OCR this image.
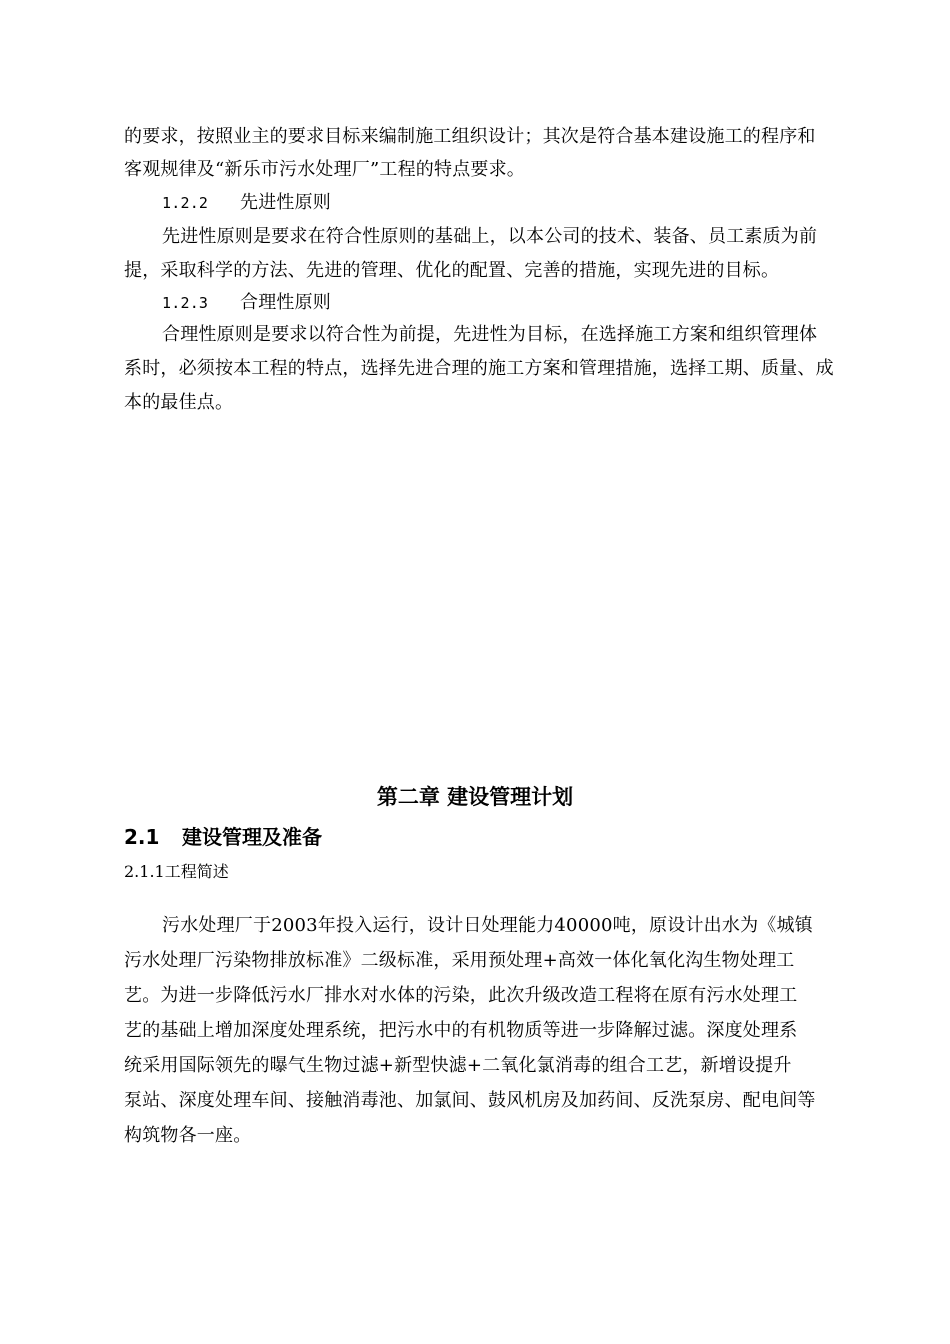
的要求，按照业主的要求目标来编制施工组织设计；其次是符合基本建设施工的程序和
客观规律及“新乐市污水处理厂”工程的特点要求。
1.2.2 先进性原则
先进性原则是要求在符合性原则的基础上，以本公司的技术、装备、员工素质为前
提，采取科学的方法、先进的管理、优化的配置、完善的措施，实现先进的目标。
1.2.3 合理性原则
合理性原则是要求以符合性为前提，先进性为目标，在选择施工方案和组织管理体
系时，必须按本工程的特点，选择先进合理的施工方案和管理措施，选择工期、质量、成
本的最佳点。
第二章 建设管理计划
2.1 建设管理及准备
2.1.1工程简述
污水处理厂于2003年投入运行，设计日处理能力40000吨，原设计出水为《城镇
污水处理厂污染物排放标准》二级标准，采用预处理+高效一体化氧化沟生物处理工
艺。为进一步降低污水厂排水对水体的污染，此次升级改造工程将在原有污水处理工
艺的基础上增加深度处理系统，把污水中的有机物质等进一步降解过滤。深度处理系
统采用国际领先的曝气生物过滤+新型快滤+二氧化氯消毒的组合工艺，新增设提升
泵站、深度处理车间、接触消毒池、加氯间、鼓风机房及加药间、反洗泵房、配电间等
构筑物各一座。
